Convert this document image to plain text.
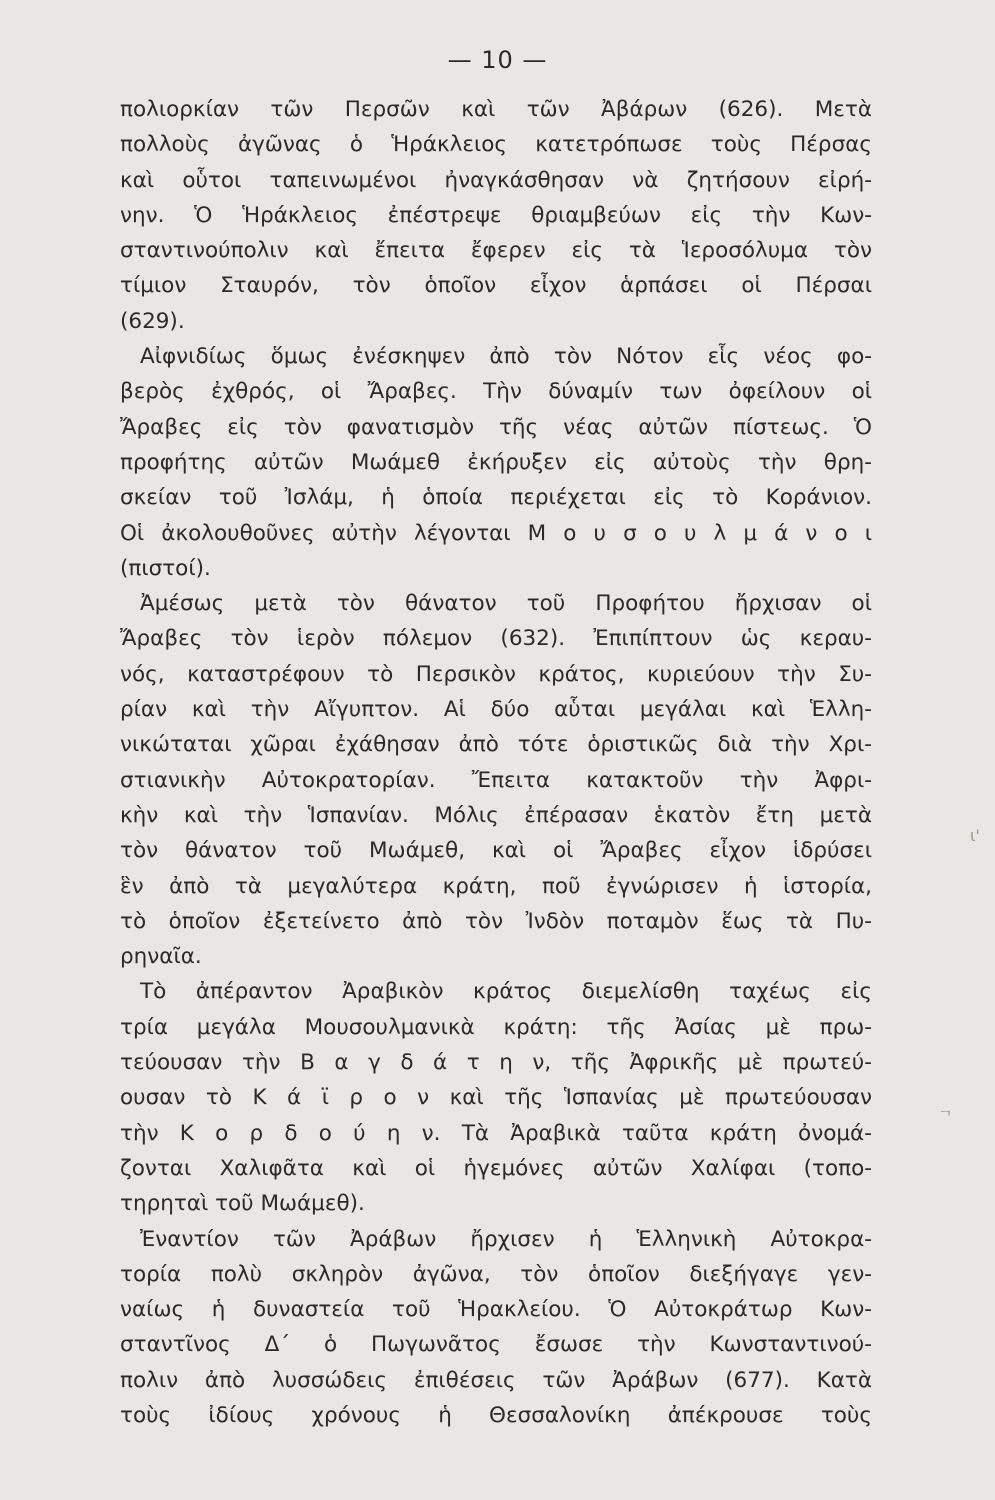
— 10 —
πολιορκίαν τῶν Περσῶν καὶ τῶν Ἀβάρων (626). Μετὰ
πολλοὺς ἀγῶνας ὁ Ἡράκλειος κατετρόπωσε τοὺς Πέρσας
καὶ οὗτοι ταπεινωμένοι ἠναγκάσθησαν νὰ ζητήσουν εἰρή-
νην. Ὁ Ἡράκλειος ἐπέστρεψε θριαμβεύων εἰς τὴν Κων-
σταντινούπολιν καὶ ἔπειτα ἔφερεν εἰς τὰ Ἱεροσόλυμα τὸν
τίμιον Σταυρόν, τὸν ὁποῖον εἶχον ἁρπάσει οἱ Πέρσαι
(629).
Αἰφνιδίως ὅμως ἐνέσκηψεν ἀπὸ τὸν Νότον εἷς νέος φο-
βερὸς ἐχθρός, οἱ Ἄραβες. Τὴν δύναμίν των ὀφείλουν οἱ
Ἄραβες εἰς τὸν φανατισμὸν τῆς νέας αὐτῶν πίστεως. Ὁ
προφήτης αὐτῶν Μωάμεθ ἐκήρυξεν εἰς αὐτοὺς τὴν θρη-
σκείαν τοῦ Ἰσλάμ, ἡ ὁποία περιέχεται εἰς τὸ Κοράνιον.
Οἱ ἀκολουθοῦνες αὐτὴν λέγονται Μ ο υ σ ο υ λ μ ά ν ο ι
(πιστοί).
Ἀμέσως μετὰ τὸν θάνατον τοῦ Προφήτου ἤρχισαν οἱ
Ἄραβες τὸν ἱερὸν πόλεμον (632). Ἐπιπίπτουν ὡς κεραυ-
νός, καταστρέφουν τὸ Περσικὸν κράτος, κυριεύουν τὴν Συ-
ρίαν καὶ τὴν Αἴγυπτον. Αἱ δύο αὗται μεγάλαι καὶ Ἑλλη-
νικώταται χῶραι ἐχάθησαν ἀπὸ τότε ὁριστικῶς διὰ τὴν Χρι-
στιανικὴν Αὐτοκρατορίαν. Ἔπειτα κατακτοῦν τὴν Ἀφρι-
κὴν καὶ τὴν Ἱσπανίαν. Μόλις ἐπέρασαν ἑκατὸν ἔτη μετὰ
τὸν θάνατον τοῦ Μωάμεθ, καὶ οἱ Ἄραβες εἶχον ἱδρύσει
ἓν ἀπὸ τὰ μεγαλύτερα κράτη, ποῦ ἐγνώρισεν ἡ ἱστορία,
τὸ ὁποῖον ἐξετείνετο ἀπὸ τὸν Ἰνδὸν ποταμὸν ἕως τὰ Πυ-
ρηναῖα.
Τὸ ἀπέραντον Ἀραβικὸν κράτος διεμελίσθη ταχέως εἰς
τρία μεγάλα Μουσουλμανικὰ κράτη: τῆς Ἀσίας μὲ πρω-
τεύουσαν τὴν Β α γ δ ά τ η ν, τῆς Ἀφρικῆς μὲ πρωτεύ-
ουσαν τὸ Κ ά ϊ ρ ο ν καὶ τῆς Ἱσπανίας μὲ πρωτεύουσαν
τὴν Κ ο ρ δ ο ύ η ν. Τὰ Ἀραβικὰ ταῦτα κράτη ὀνομά-
ζονται Χαλιφᾶτα καὶ οἱ ἡγεμόνες αὐτῶν Χαλίφαι (τοπο-
τηρηταὶ τοῦ Μωάμεθ).
Ἐναντίον τῶν Ἀράβων ἤρχισεν ἡ Ἑλληνικὴ Αὐτοκρα-
τορία πολὺ σκληρὸν ἀγῶνα, τὸν ὁποῖον διεξήγαγε γεν-
ναίως ἡ δυναστεία τοῦ Ἡρακλείου. Ὁ Αὐτοκράτωρ Κων-
σταντῖνος Δ΄ ὁ Πωγωνᾶτος ἔσωσε τὴν Κωνσταντινού-
πολιν ἀπὸ λυσσώδεις ἐπιθέσεις τῶν Ἀράβων (677). Κατὰ
τοὺς ἰδίους χρόνους ἡ Θεσσαλονίκη ἀπέκρουσε τοὺς
ι'
ᆨ
